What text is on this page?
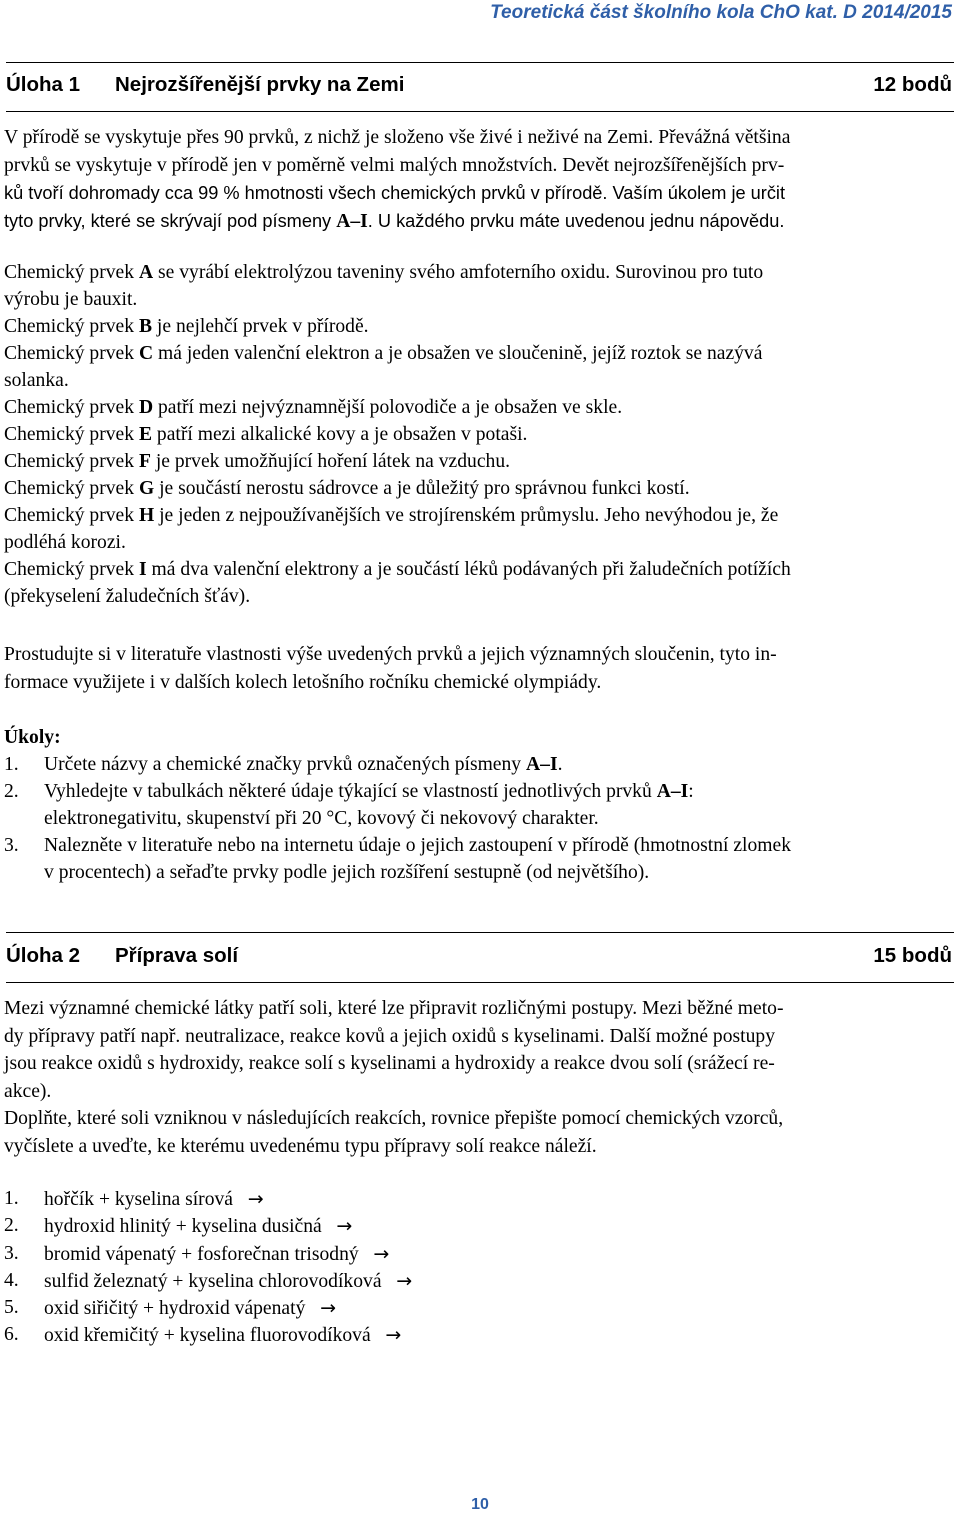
Teoretická část školního kola ChO kat. D 2014/2015
Úloha 1 Nejrozšířenější prvky na Zemi	12 bodů
V přírodě se vyskytuje přes 90 prvků, z nichž je složeno vše živé i neživé na Zemi. Převážná většina
prvků se vyskytuje v přírodě jen v poměrně velmi malých množstvích. Devět nejrozšířenějších prv-
ků tvoří dohromady cca 99 % hmotnosti všech chemických prvků v přírodě. Vaším úkolem je určit
tyto prvky, které se skrývají pod písmeny A–I. U každého prvku máte uvedenou jednu nápovědu.
Chemický prvek A se vyrábí elektrolýzou taveniny svého amfoterního oxidu. Surovinou pro tuto
výrobu je bauxit.
Chemický prvek B je nejlehčí prvek v přírodě.
Chemický prvek C má jeden valenční elektron a je obsažen ve sloučenině, jejíž roztok se nazývá
solanka.
Chemický prvek D patří mezi nejvýznamnější polovodiče a je obsažen ve skle.
Chemický prvek E patří mezi alkalické kovy a je obsažen v potaši.
Chemický prvek F je prvek umožňující hoření látek na vzduchu.
Chemický prvek G je součástí nerostu sádrovce a je důležitý pro správnou funkci kostí.
Chemický prvek H je jeden z nejpoužívanějších ve strojírenském průmyslu. Jeho nevýhodou je, že
podléhá korozi.
Chemický prvek I má dva valenční elektrony a je součástí léků podávaných při žaludečních potížích
(překyselení žaludečních šťáv).
Prostudujte si v literatuře vlastnosti výše uvedených prvků a jejich významných sloučenin, tyto in-
formace využijete i v dalších kolech letošního ročníku chemické olympiády.
Úkoly:
1. Určete názvy a chemické značky prvků označených písmeny A–I.
2. Vyhledejte v tabulkách některé údaje týkající se vlastností jednotlivých prvků A–I:
elektronegativitu, skupenství při 20 °C, kovový či nekovový charakter.
3. Nalezněte v literatuře nebo na internetu údaje o jejich zastoupení v přírodě (hmotnostní zlomek
v procentech) a seřaďte prvky podle jejich rozšíření sestupně (od největšího).
Úloha 2 Příprava solí	15 bodů
Mezi významné chemické látky patří soli, které lze připravit rozličnými postupy. Mezi běžné meto-
dy přípravy patří např. neutralizace, reakce kovů a jejich oxidů s kyselinami. Další možné postupy
jsou reakce oxidů s hydroxidy, reakce solí s kyselinami a hydroxidy a reakce dvou solí (srážecí re-
akce).
Doplňte, které soli vzniknou v následujících reakcích, rovnice přepište pomocí chemických vzorců,
vyčíslete a uveďte, ke kterému uvedenému typu přípravy solí reakce náleží.
1. hořčík + kyselina sírová →
2. hydroxid hlinitý + kyselina dusičná →
3. bromid vápenatý + fosforečnan trisodný →
4. sulfid železnatý + kyselina chlorovodíková →
5. oxid siřičitý + hydroxid vápenatý →
6. oxid křemičitý + kyselina fluorovodíková →
10
